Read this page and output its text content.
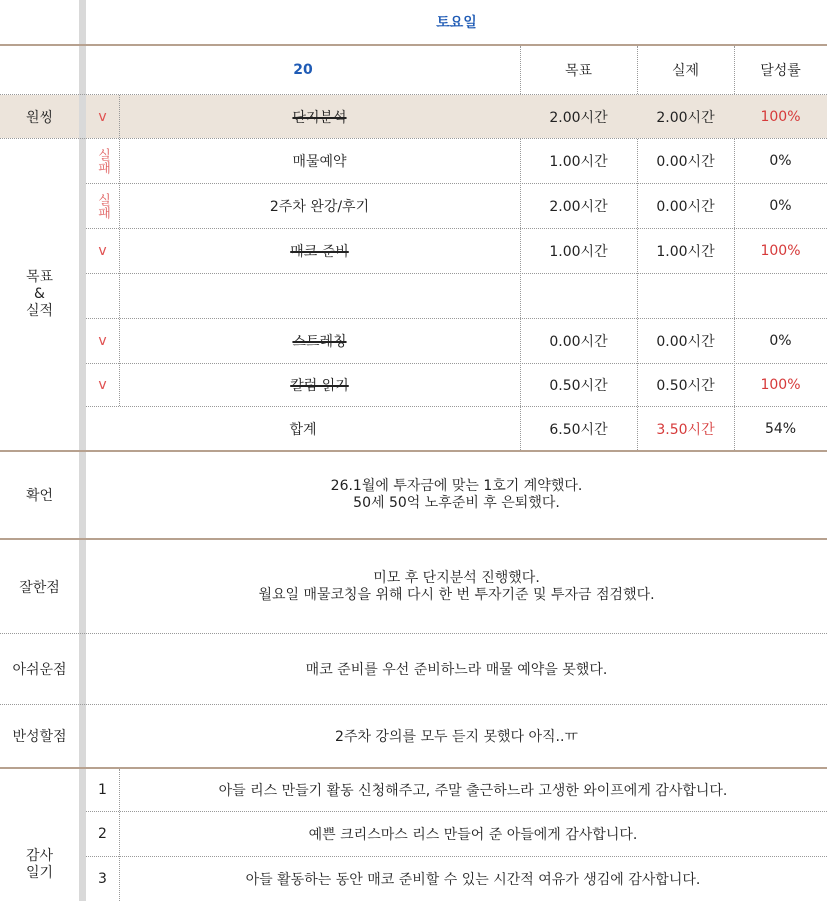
토요일
20	목표	실제	달성률
원씽	v	단지분석	2.00시간	2.00시간	100%
목표
&
실적
실패	매물예약	1.00시간	0.00시간	0%
실패	2주차 완강/후기	2.00시간	0.00시간	0%
v	매코 준비	1.00시간	1.00시간	100%
v	스트레칭	0.00시간	0.00시간	0%
v	칼럼 읽기	0.50시간	0.50시간	100%
합계	6.50시간	3.50시간	54%
확언
26.1월에 투자금에 맞는 1호기 계약했다.
50세 50억 노후준비 후 은퇴했다.
잘한점
미모 후 단지분석 진행했다.
월요일 매물코칭을 위해 다시 한 번 투자기준 및 투자금 점검했다.
아쉬운점	매코 준비를 우선 준비하느라 매물 예약을 못했다.
반성할점	2주차 강의를 모두 듣지 못했다 아직..ㅠ
감사
일기
1	아들 리스 만들기 활동 신청해주고, 주말 출근하느라 고생한 와이프에게 감사합니다.
2	예쁜 크리스마스 리스 만들어 준 아들에게 감사합니다.
3	아들 활동하는 동안 매코 준비할 수 있는 시간적 여유가 생김에 감사합니다.
